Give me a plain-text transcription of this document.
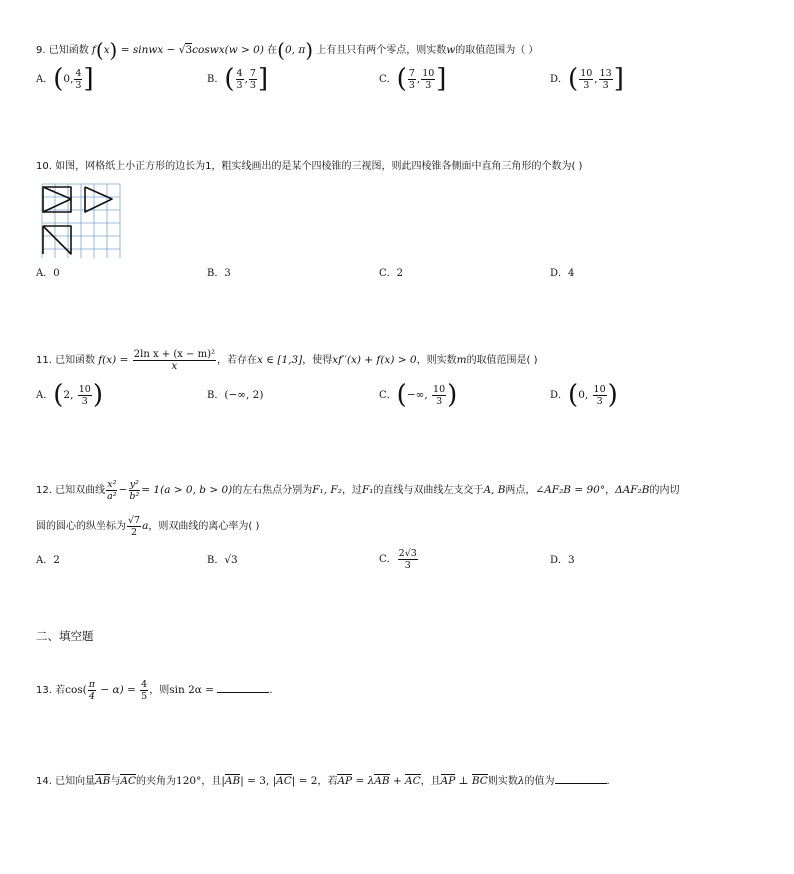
9. 已知函数 f(x) = sinwx − √3coswx(w > 0) 在(0, π) 上有且只有两个零点，则实数w的取值范围为（ ）
A．(0, $\frac{4}{3}$ ]	B．( $\frac{4}{3}$ , $\frac{7}{3}$ ]	C．( $\frac{7}{3}$ , $\frac{10}{3}$ ]	D．( $\frac{10}{3}$ , $\frac{13}{3}$ ]
10. 如图，网格纸上小正方形的边长为1，粗实线画出的是某个四棱锥的三视图，则此四棱锥各侧面中直角三角形的个数为( )
A．0	B．3	C．2	D．4
11. 已知函数 $f(x) = \frac{\text{2ln x + (x − m)²}}{x}$ ，若存在x ∈ [1,3]，使得xf′′(x) + f(x) > 0，则实数m的取值范围是( )
A．(2, $\frac{10}{3}$ )	B．(−∞, 2)	C．(−∞, $\frac{10}{3}$ )	D．(0, $\frac{10}{3}$ )
12. 已知双曲线 $\frac{\text{x²}}{\text{a²}} - \frac{\text{y²}}{\text{b²}} = 1(a > 0$, b > 0)的左右焦点分别为F₁, F₂，过F₁的直线与双曲线左支交于A, B两点，∠AF₂B = 90°，ΔAF₂B的内切
圆的圆心的纵坐标为 $\frac{√7}{2}$ a，则双曲线的离心率为( )
A．2	B．√3	C． $\frac{2√3}{3}$	D．3
二、填空题
13. 若$\cos( \frac{\pi}{4} - \alpha) = \frac{4}{5}$ ，则sin 2α =	.
14. 已知向量AB与AC的夹角为120°，且|AB| = 3, |AC| = 2，若AP = λAB + AC，且AP ⊥ BC则实数λ的值为	.
